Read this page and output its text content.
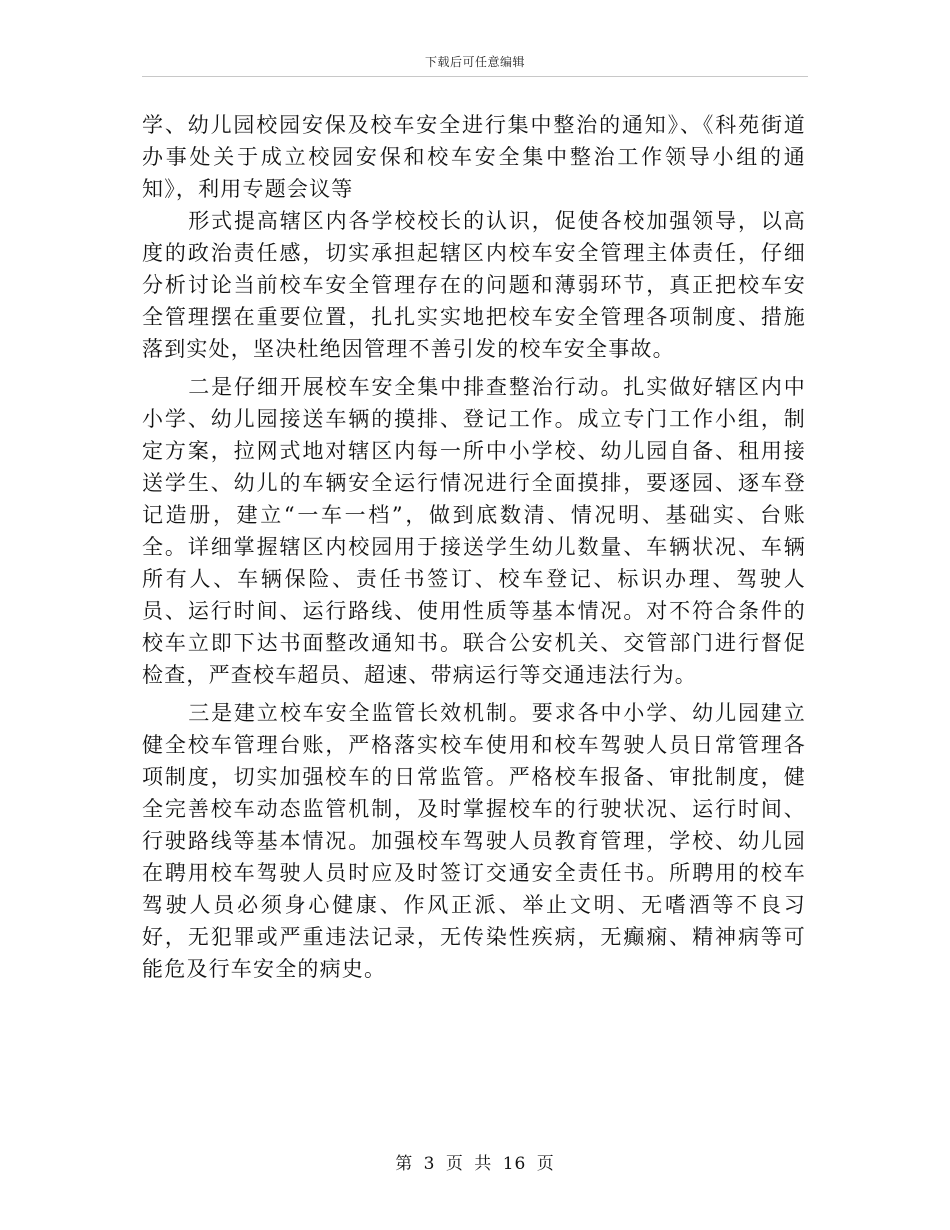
下载后可任意编辑

学、幼儿园校园安保及校车安全进行集中整治的通知》、《科苑街道办事处关于成立校园安保和校车安全集中整治工作领导小组的通知》，利用专题会议等

形式提高辖区内各学校校长的认识，促使各校加强领导，以高度的政治责任感，切实承担起辖区内校车安全管理主体责任，仔细分析讨论当前校车安全管理存在的问题和薄弱环节，真正把校车安全管理摆在重要位置，扎扎实实地把校车安全管理各项制度、措施落到实处，坚决杜绝因管理不善引发的校车安全事故。

二是仔细开展校车安全集中排查整治行动。扎实做好辖区内中小学、幼儿园接送车辆的摸排、登记工作。成立专门工作小组，制定方案，拉网式地对辖区内每一所中小学校、幼儿园自备、租用接送学生、幼儿的车辆安全运行情况进行全面摸排，要逐园、逐车登记造册，建立“一车一档”，做到底数清、情况明、基础实、台账全。详细掌握辖区内校园用于接送学生幼儿数量、车辆状况、车辆所有人、车辆保险、责任书签订、校车登记、标识办理、驾驶人员、运行时间、运行路线、使用性质等基本情况。对不符合条件的校车立即下达书面整改通知书。联合公安机关、交管部门进行督促检查，严查校车超员、超速、带病运行等交通违法行为。

三是建立校车安全监管长效机制。要求各中小学、幼儿园建立健全校车管理台账，严格落实校车使用和校车驾驶人员日常管理各项制度，切实加强校车的日常监管。严格校车报备、审批制度，健全完善校车动态监管机制，及时掌握校车的行驶状况、运行时间、行驶路线等基本情况。加强校车驾驶人员教育管理，学校、幼儿园在聘用校车驾驶人员时应及时签订交通安全责任书。所聘用的校车驾驶人员必须身心健康、作风正派、举止文明、无嗜酒等不良习好，无犯罪或严重违法记录，无传染性疾病，无癫痫、精神病等可能危及行车安全的病史。

第 3 页 共 16 页
